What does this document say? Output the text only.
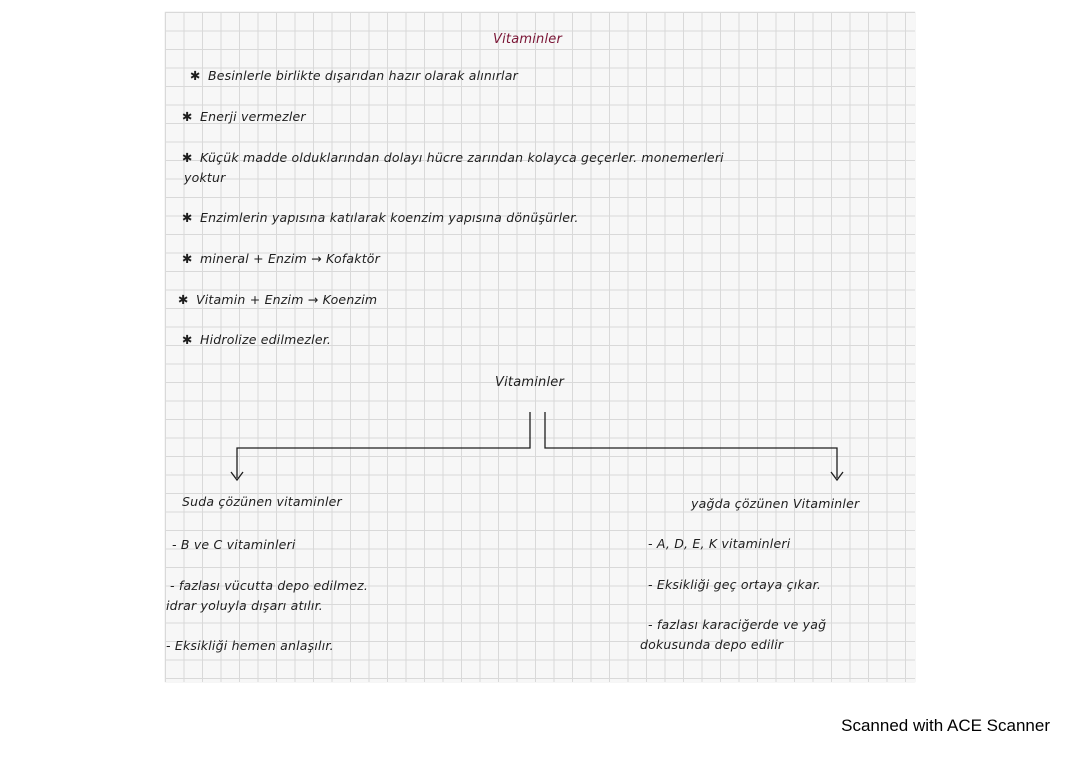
Vitaminler
✱ Besinlerle birlikte dışarıdan hazır olarak alınırlar
✱ Enerji vermezler
✱ Küçük madde olduklarından dolayı hücre zarından kolayca geçerler. monemerleri
yoktur
✱ Enzimlerin yapısına katılarak koenzim yapısına dönüşürler.
✱ mineral + Enzim → Kofaktör
✱ Vitamin + Enzim → Koenzim
✱ Hidrolize edilmezler.
Vitaminler
Suda çözünen vitaminler
- B ve C vitaminleri
- fazlası vücutta depo edilmez.
idrar yoluyla dışarı atılır.
- Eksikliği hemen anlaşılır.
yağda çözünen Vitaminler
- A, D, E, K vitaminleri
- Eksikliği geç ortaya çıkar.
- fazlası karaciğerde ve yağ
dokusunda depo edilir
Scanned with ACE Scanner
